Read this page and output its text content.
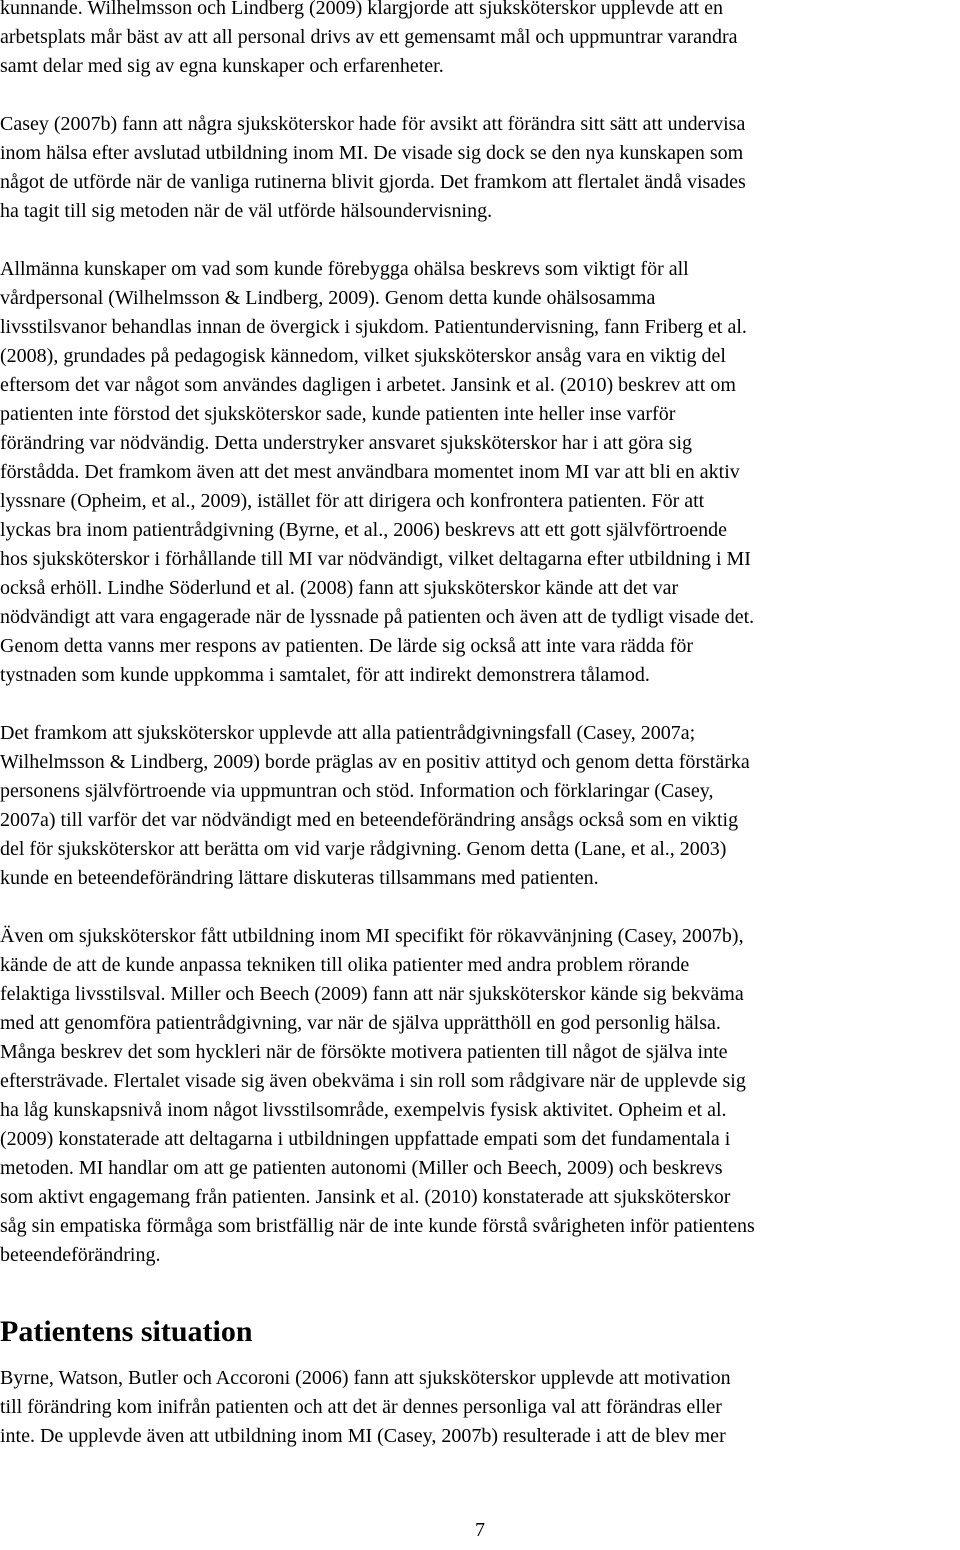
kunnande. Wilhelmsson och Lindberg (2009) klargjorde att sjuksköterskor upplevde att en
arbetsplats mår bäst av att all personal drivs av ett gemensamt mål och uppmuntrar varandra
samt delar med sig av egna kunskaper och erfarenheter.

Casey (2007b) fann att några sjuksköterskor hade för avsikt att förändra sitt sätt att undervisa
inom hälsa efter avslutad utbildning inom MI. De visade sig dock se den nya kunskapen som
något de utförde när de vanliga rutinerna blivit gjorda. Det framkom att flertalet ändå visades
ha tagit till sig metoden när de väl utförde hälsoundervisning.

Allmänna kunskaper om vad som kunde förebygga ohälsa beskrevs som viktigt för all
vårdpersonal (Wilhelmsson & Lindberg, 2009). Genom detta kunde ohälsosamma
livsstilsvanor behandlas innan de övergick i sjukdom. Patientundervisning, fann Friberg et al.
(2008), grundades på pedagogisk kännedom, vilket sjuksköterskor ansåg vara en viktig del
eftersom det var något som användes dagligen i arbetet. Jansink et al. (2010) beskrev att om
patienten inte förstod det sjuksköterskor sade, kunde patienten inte heller inse varför
förändring var nödvändig. Detta understryker ansvaret sjuksköterskor har i att göra sig
förstådda. Det framkom även att det mest användbara momentet inom MI var att bli en aktiv
lyssnare (Opheim, et al., 2009), istället för att dirigera och konfrontera patienten. För att
lyckas bra inom patientrådgivning (Byrne, et al., 2006) beskrevs att ett gott självförtroende
hos sjuksköterskor i förhållande till MI var nödvändigt, vilket deltagarna efter utbildning i MI
också erhöll. Lindhe Söderlund et al. (2008) fann att sjuksköterskor kände att det var
nödvändigt att vara engagerade när de lyssnade på patienten och även att de tydligt visade det.
Genom detta vanns mer respons av patienten. De lärde sig också att inte vara rädda för
tystnaden som kunde uppkomma i samtalet, för att indirekt demonstrera tålamod.

Det framkom att sjuksköterskor upplevde att alla patientrådgivningsfall (Casey, 2007a;
Wilhelmsson & Lindberg, 2009) borde präglas av en positiv attityd och genom detta förstärka
personens självförtroende via uppmuntran och stöd. Information och förklaringar (Casey,
2007a) till varför det var nödvändigt med en beteendeförändring ansågs också som en viktig
del för sjuksköterskor att berätta om vid varje rådgivning. Genom detta (Lane, et al., 2003)
kunde en beteendeförändring lättare diskuteras tillsammans med patienten.

Även om sjuksköterskor fått utbildning inom MI specifikt för rökavvänjning (Casey, 2007b),
kände de att de kunde anpassa tekniken till olika patienter med andra problem rörande
felaktiga livsstilsval. Miller och Beech (2009) fann att när sjuksköterskor kände sig bekväma
med att genomföra patientrådgivning, var när de själva upprätthöll en god personlig hälsa.
Många beskrev det som hyckleri när de försökte motivera patienten till något de själva inte
eftersträvade. Flertalet visade sig även obekväma i sin roll som rådgivare när de upplevde sig
ha låg kunskapsnivå inom något livsstilsområde, exempelvis fysisk aktivitet. Opheim et al.
(2009) konstaterade att deltagarna i utbildningen uppfattade empati som det fundamentala i
metoden. MI handlar om att ge patienten autonomi (Miller och Beech, 2009) och beskrevs
som aktivt engagemang från patienten. Jansink et al. (2010) konstaterade att sjuksköterskor
såg sin empatiska förmåga som bristfällig när de inte kunde förstå svårigheten inför patientens
beteendeförändring.

Patientens situation

Byrne, Watson, Butler och Accoroni (2006) fann att sjuksköterskor upplevde att motivation
till förändring kom inifrån patienten och att det är dennes personliga val att förändras eller
inte. De upplevde även att utbildning inom MI (Casey, 2007b) resulterade i att de blev mer

7
